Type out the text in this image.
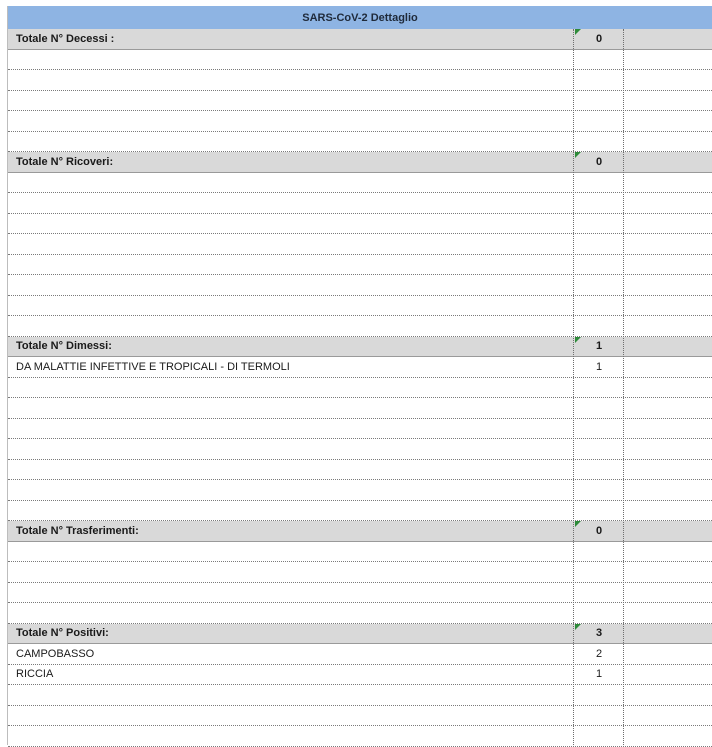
SARS-CoV-2 Dettaglio
Totale N° Decessi :	0
Totale N° Ricoveri:	0
Totale N° Dimessi:	1
DA MALATTIE INFETTIVE E TROPICALI - DI TERMOLI	1
Totale N° Trasferimenti:	0
Totale N° Positivi:	3
CAMPOBASSO	2
RICCIA	1
